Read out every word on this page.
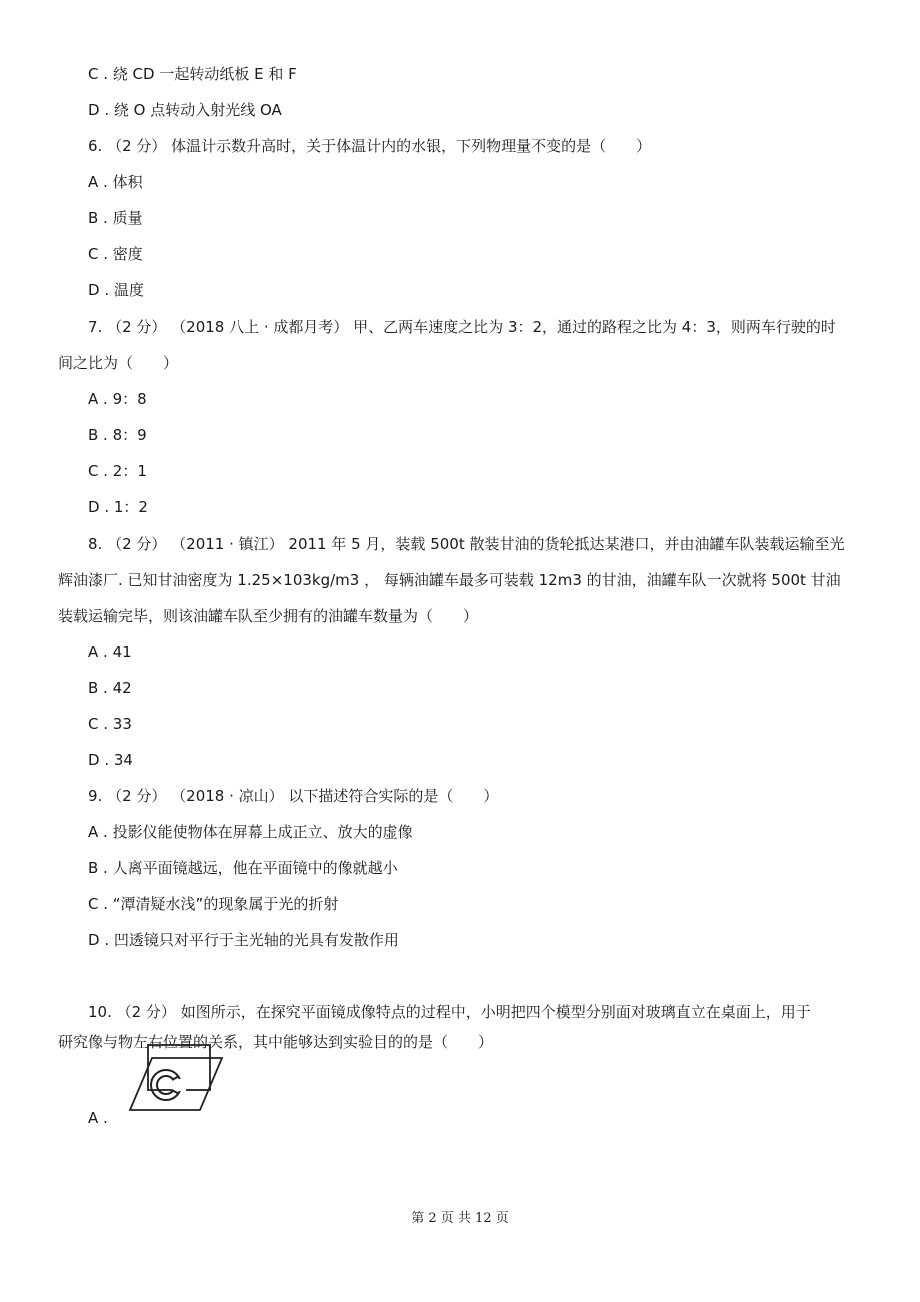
C . 绕 CD 一起转动纸板 E 和 F
D . 绕 O 点转动入射光线 OA
6. （2 分） 体温计示数升高时，关于体温计内的水银，下列物理量不变的是（　　）
A . 体积
B . 质量
C . 密度
D . 温度
7. （2 分） （2018 八上 · 成都月考） 甲、乙两车速度之比为 3：2，通过的路程之比为 4：3，则两车行驶的时
间之比为（　　）
A . 9：8
B . 8：9
C . 2：1
D . 1：2
8. （2 分） （2011 · 镇江） 2011 年 5 月，装载 500t 散装甘油的货轮抵达某港口，并由油罐车队装载运输至光
辉油漆厂. 已知甘油密度为 1.25×103kg/m3 ， 每辆油罐车最多可装载 12m3 的甘油，油罐车队一次就将 500t 甘油
装载运输完毕，则该油罐车队至少拥有的油罐车数量为（　　）
A . 41
B . 42
C . 33
D . 34
9. （2 分） （2018 · 凉山） 以下描述符合实际的是（　　）
A . 投影仪能使物体在屏幕上成正立、放大的虚像
B . 人离平面镜越远，他在平面镜中的像就越小
C . “潭清疑水浅”的现象属于光的折射
D . 凹透镜只对平行于主光轴的光具有发散作用
10. （2 分） 如图所示，在探究平面镜成像特点的过程中，小明把四个模型分别面对玻璃直立在桌面上，用于
研究像与物左右位置的关系，其中能够达到实验目的的是（　　）
A .
第 2 页 共 12 页
